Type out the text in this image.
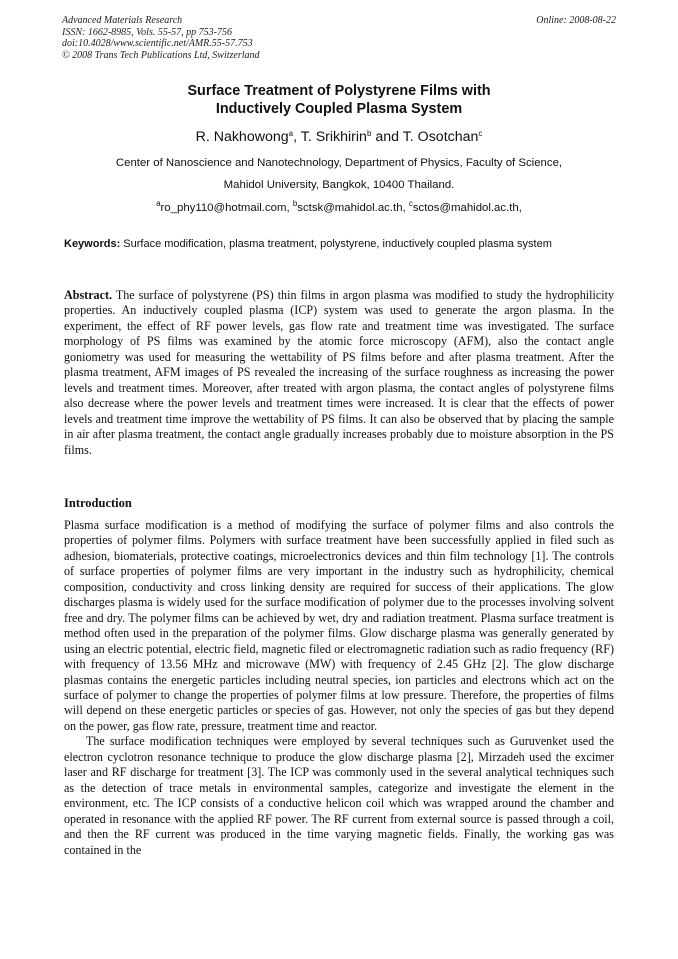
Advanced Materials Research
ISSN: 1662-8985, Vols. 55-57, pp 753-756
doi:10.4028/www.scientific.net/AMR.55-57.753
© 2008 Trans Tech Publications Ltd, Switzerland
Online: 2008-08-22
Surface Treatment of Polystyrene Films with
Inductively Coupled Plasma System
R. Nakhowong$^a$, T. Srikhirin$^b$ and T. Osotchan$^c$
Center of Nanoscience and Nanotechnology, Department of Physics, Faculty of Science,
Mahidol University, Bangkok, 10400 Thailand.
$^a$ro_phy110@hotmail.com, $^b$sctsk@mahidol.ac.th, $^c$sctos@mahidol.ac.th,
Keywords: Surface modification, plasma treatment, polystyrene, inductively coupled plasma system
Abstract. The surface of polystyrene (PS) thin films in argon plasma was modified to study the hydrophilicity properties. An inductively coupled plasma (ICP) system was used to generate the argon plasma. In the experiment, the effect of RF power levels, gas flow rate and treatment time was investigated. The surface morphology of PS films was examined by the atomic force microscopy (AFM), also the contact angle goniometry was used for measuring the wettability of PS films before and after plasma treatment. After the plasma treatment, AFM images of PS revealed the increasing of the surface roughness as increasing the power levels and treatment times. Moreover, after treated with argon plasma, the contact angles of polystyrene films also decrease where the power levels and treatment times were increased. It is clear that the effects of power levels and treatment time improve the wettability of PS films. It can also be observed that by placing the sample in air after plasma treatment, the contact angle gradually increases probably due to moisture absorption in the PS films.
Introduction
Plasma surface modification is a method of modifying the surface of polymer films and also controls the properties of polymer films. Polymers with surface treatment have been successfully applied in filed such as adhesion, biomaterials, protective coatings, microelectronics devices and thin film technology [1]. The controls of surface properties of polymer films are very important in the industry such as hydrophilicity, chemical composition, conductivity and cross linking density are required for success of their applications. The glow discharges plasma is widely used for the surface modification of polymer due to the processes involving solvent free and dry. The polymer films can be achieved by wet, dry and radiation treatment. Plasma surface treatment is method often used in the preparation of the polymer films. Glow discharge plasma was generally generated by using an electric potential, electric field, magnetic filed or electromagnetic radiation such as radio frequency (RF) with frequency of 13.56 MHz and microwave (MW) with frequency of 2.45 GHz [2]. The glow discharge plasmas contains the energetic particles including neutral species, ion particles and electrons which act on the surface of polymer to change the properties of polymer films at low pressure. Therefore, the properties of films will depend on these energetic particles or species of gas. However, not only the species of gas but they depend on the power, gas flow rate, pressure, treatment time and reactor.
The surface modification techniques were employed by several techniques such as Guruvenket used the electron cyclotron resonance technique to produce the glow discharge plasma [2], Mirzadeh used the excimer laser and RF discharge for treatment [3]. The ICP was commonly used in the several analytical techniques such as the detection of trace metals in environmental samples, categorize and investigate the element in the environment, etc. The ICP consists of a conductive helicon coil which was wrapped around the chamber and operated in resonance with the applied RF power. The RF current from external source is passed through a coil, and then the RF current was produced in the time varying magnetic fields. Finally, the working gas was contained in the
